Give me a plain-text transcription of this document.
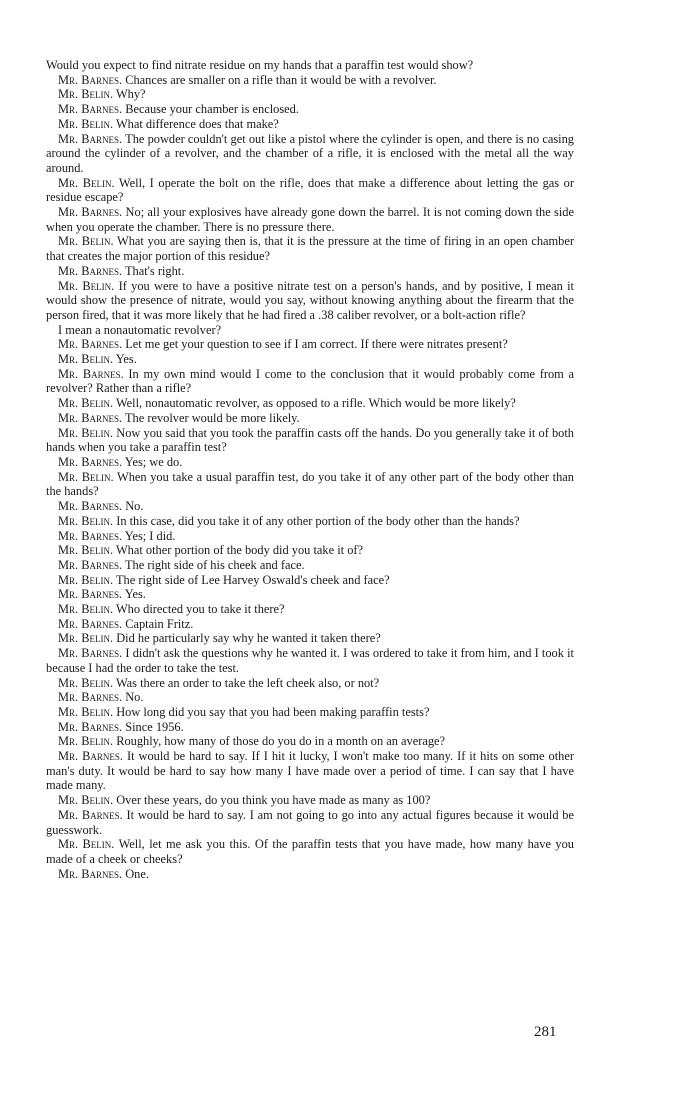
Would you expect to find nitrate residue on my hands that a paraffin test would show?

Mr. Barnes. Chances are smaller on a rifle than it would be with a revolver.

Mr. Belin. Why?

Mr. Barnes. Because your chamber is enclosed.

Mr. Belin. What difference does that make?

Mr. Barnes. The powder couldn't get out like a pistol where the cylinder is open, and there is no casing around the cylinder of a revolver, and the chamber of a rifle, it is enclosed with the metal all the way around.

Mr. Belin. Well, I operate the bolt on the rifle, does that make a difference about letting the gas or residue escape?

Mr. Barnes. No; all your explosives have already gone down the barrel. It is not coming down the side when you operate the chamber. There is no pressure there.

Mr. Belin. What you are saying then is, that it is the pressure at the time of firing in an open chamber that creates the major portion of this residue?

Mr. Barnes. That's right.

Mr. Belin. If you were to have a positive nitrate test on a person's hands, and by positive, I mean it would show the presence of nitrate, would you say, without knowing anything about the firearm that the person fired, that it was more likely that he had fired a .38 caliber revolver, or a bolt-action rifle?

I mean a nonautomatic revolver?

Mr. Barnes. Let me get your question to see if I am correct. If there were nitrates present?

Mr. Belin. Yes.

Mr. Barnes. In my own mind would I come to the conclusion that it would probably come from a revolver? Rather than a rifle?

Mr. Belin. Well, nonautomatic revolver, as opposed to a rifle. Which would be more likely?

Mr. Barnes. The revolver would be more likely.

Mr. Belin. Now you said that you took the paraffin casts off the hands. Do you generally take it of both hands when you take a paraffin test?

Mr. Barnes. Yes; we do.

Mr. Belin. When you take a usual paraffin test, do you take it of any other part of the body other than the hands?

Mr. Barnes. No.

Mr. Belin. In this case, did you take it of any other portion of the body other than the hands?

Mr. Barnes. Yes; I did.

Mr. Belin. What other portion of the body did you take it of?

Mr. Barnes. The right side of his cheek and face.

Mr. Belin. The right side of Lee Harvey Oswald's cheek and face?

Mr. Barnes. Yes.

Mr. Belin. Who directed you to take it there?

Mr. Barnes. Captain Fritz.

Mr. Belin. Did he particularly say why he wanted it taken there?

Mr. Barnes. I didn't ask the questions why he wanted it. I was ordered to take it from him, and I took it because I had the order to take the test.

Mr. Belin. Was there an order to take the left cheek also, or not?

Mr. Barnes. No.

Mr. Belin. How long did you say that you had been making paraffin tests?

Mr. Barnes. Since 1956.

Mr. Belin. Roughly, how many of those do you do in a month on an average?

Mr. Barnes. It would be hard to say. If I hit it lucky, I won't make too many. If it hits on some other man's duty. It would be hard to say how many I have made over a period of time. I can say that I have made many.

Mr. Belin. Over these years, do you think you have made as many as 100?

Mr. Barnes. It would be hard to say. I am not going to go into any actual figures because it would be guesswork.

Mr. Belin. Well, let me ask you this. Of the paraffin tests that you have made, how many have you made of a cheek or cheeks?

Mr. Barnes. One.

281
